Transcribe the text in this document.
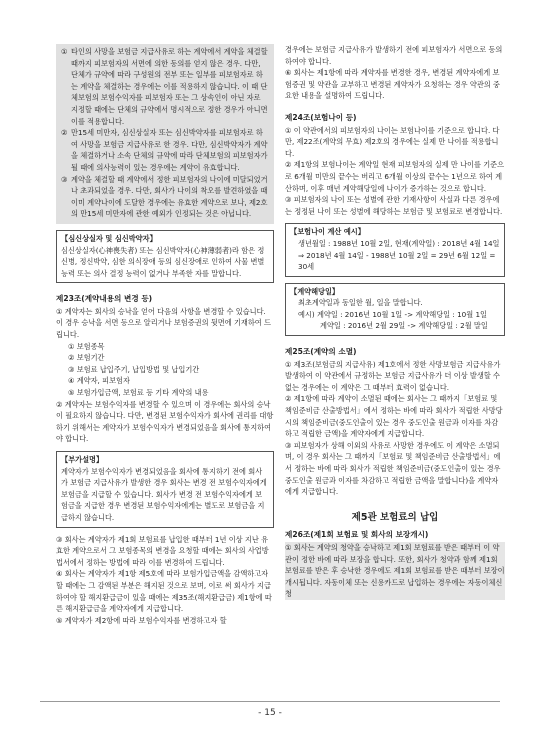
① 타인의 사망을 보험금 지급사유로 하는 계약에서 계약을 체결할 때까지 피보험자의 서면에 의한 동의를 얻지 않은 경우. 다만, 단체가 규약에 따라 구성원의 전부 또는 일부를 피보험자로 하는 계약을 체결하는 경우에는 이를 적용하지 않습니다. 이 때 단체보험의 보험수익자를 피보험자 또는 그 상속인이 아닌 자로 지정할 때에는 단체의 규약에서 명시적으로 정한 경우가 아니면 이를 적용합니다.
② 만15세 미만자, 심신상실자 또는 심신박약자를 피보험자로 하여 사망을 보험금 지급사유로 한 경우. 다만, 심신박약자가 계약을 체결하거나 소속 단체의 규약에 따라 단체보험의 피보험자가 될 때에 의사능력이 있는 경우에는 계약이 유효합니다.
③ 계약을 체결할 때 계약에서 정한 피보험자의 나이에 미달되었거나 초과되었을 경우. 다만, 회사가 나이의 착오를 발견하였을 때 이미 계약나이에 도달한 경우에는 유효한 계약으로 보나, 제2호의 만15세 미만자에 관한 예외가 인정되는 것은 아닙니다.

【심신상실자 및 심신박약자】

심신상실자(心神喪失者) 또는 심신박약자(心神薄弱者)라 함은 정신병, 정신박약, 심한 의식장애 등의 심신장애로 인하여 사물 변별 능력 또는 의사 결정 능력이 없거나 부족한 자를 말합니다.

제23조(계약내용의 변경 등)

① 계약자는 회사의 승낙을 얻어 다음의 사항을 변경할 수 있습니다. 이 경우 승낙을 서면 등으로 알리거나 보험증권의 뒷면에 기재하여 드립니다.

① 보험종목

② 보험기간

③ 보험료 납입주기, 납입방법 및 납입기간

④ 계약자, 피보험자

⑤ 보험가입금액, 보험료 등 기타 계약의 내용

② 계약자는 보험수익자를 변경할 수 있으며 이 경우에는 회사의 승낙이 필요하지 않습니다. 다만, 변경된 보험수익자가 회사에 권리를 대항하기 위해서는 계약자가 보험수익자가 변경되었음을 회사에 통지하여야 합니다.

【부가설명】

계약자가 보험수익자가 변경되었음을 회사에 통지하기 전에 회사가 보험금 지급사유가 발생한 경우 회사는 변경 전 보험수익자에게 보험금을 지급할 수 있습니다. 회사가 변경 전 보험수익자에게 보험금을 지급한 경우 변경된 보험수익자에게는 별도로 보험금을 지급하지 않습니다.

③ 회사는 계약자가 제1회 보험료를 납입한 때부터 1년 이상 지난 유효한 계약으로서 그 보험종목의 변경을 요청할 때에는 회사의 사업방법서에서 정하는 방법에 따라 이를 변경하여 드립니다.

④ 회사는 계약자가 제1항 제5호에 따라 보험가입금액을 감액하고자 할 때에는 그 감액된 부분은 해지된 것으로 보며, 이로 써 회사가 지급하여야 할 해지환급금이 있을 때에는 제35조(해지환급금) 제1항에 따른 해지환급금을 계약자에게 지급합니다.

⑤ 계약자가 제2항에 따라 보험수익자를 변경하고자 할

경우에는 보험금 지급사유가 발생하기 전에 피보험자가 서면으로 동의하여야 합니다.

⑥ 회사는 제1항에 따라 계약자를 변경한 경우, 변경된 계약자에게 보험증권 및 약관을 교부하고 변경된 계약자가 요청하는 경우 약관의 중요한 내용을 설명하여 드립니다.

제24조(보험나이 등)

① 이 약관에서의 피보험자의 나이는 보험나이를 기준으로 합니다. 다만, 제22조(계약의 무효) 제2호의 경우에는 실제 만 나이를 적용합니다.

② 제1항의 보험나이는 계약일 현재 피보험자의 실제 만 나이를 기준으로 6개월 미만의 끝수는 버리고 6개월 이상의 끝수는 1년으로 하여 계산하며, 이후 매년 계약해당일에 나이가 증가하는 것으로 합니다.

③ 피보험자의 나이 또는 성별에 관한 기재사항이 사실과 다른 경우에는 정정된 나이 또는 성별에 해당하는 보험금 및 보험료로 변경합니다.

【보험나이 계산 예시】

생년월일 : 1988년 10월 2일, 현재(계약일) : 2018년 4월 14일

⇒ 2018년 4월 14일 - 1988년 10월 2일 = 29년 6월 12일 = 30세

【계약해당일】

최초계약일과 동일한 월, 일을 말합니다.

예시) 계약일 : 2016년 10월 1일 -> 계약해당일 : 10월 1일

계약일 : 2016년 2월 29일 -> 계약해당일 : 2월 말일

제25조(계약의 소멸)

① 제3조(보험금의 지급사유) 제1호에서 정한 사망보험금 지급사유가 발생하여 이 약관에서 규정하는 보험금 지급사유가 더 이상 발생할 수 없는 경우에는 이 계약은 그 때부터 효력이 없습니다.

② 제1항에 따라 계약이 소멸된 때에는 회사는 그 때까지「보험료 및 책임준비금 산출방법서」에서 정하는 바에 따라 회사가 적립한 사망당시의 책임준비금(중도인출이 있는 경우 중도인출 원금과 이자를 차감하고 적립한 금액)을 계약자에게 지급합니다.

③ 피보험자가 상해 이외의 사유로 사망한 경우에도 이 계약은 소멸되며, 이 경우 회사는 그 때까지「보험료 및 책임준비금 산출방법서」에서 정하는 바에 따라 회사가 적립한 책임준비금(중도인출이 있는 경우 중도인출 원금과 이자를 차감하고 적립한 금액을 말합니다)을 계약자에게 지급합니다.

제5관 보험료의 납입

제26조(제1회 보험료 및 회사의 보장개시)

① 회사는 계약의 청약을 승낙하고 제1회 보험료를 받은 때부터 이 약관이 정한 바에 따라 보장을 합니다. 또한, 회사가 청약과 함께 제1회 보험료를 받은 후 승낙한 경우에도 제1회 보험료를 받은 때부터 보장이 개시됩니다. 자동이체 또는 신용카드로 납입하는 경우에는 자동이체신청

- 15 -
